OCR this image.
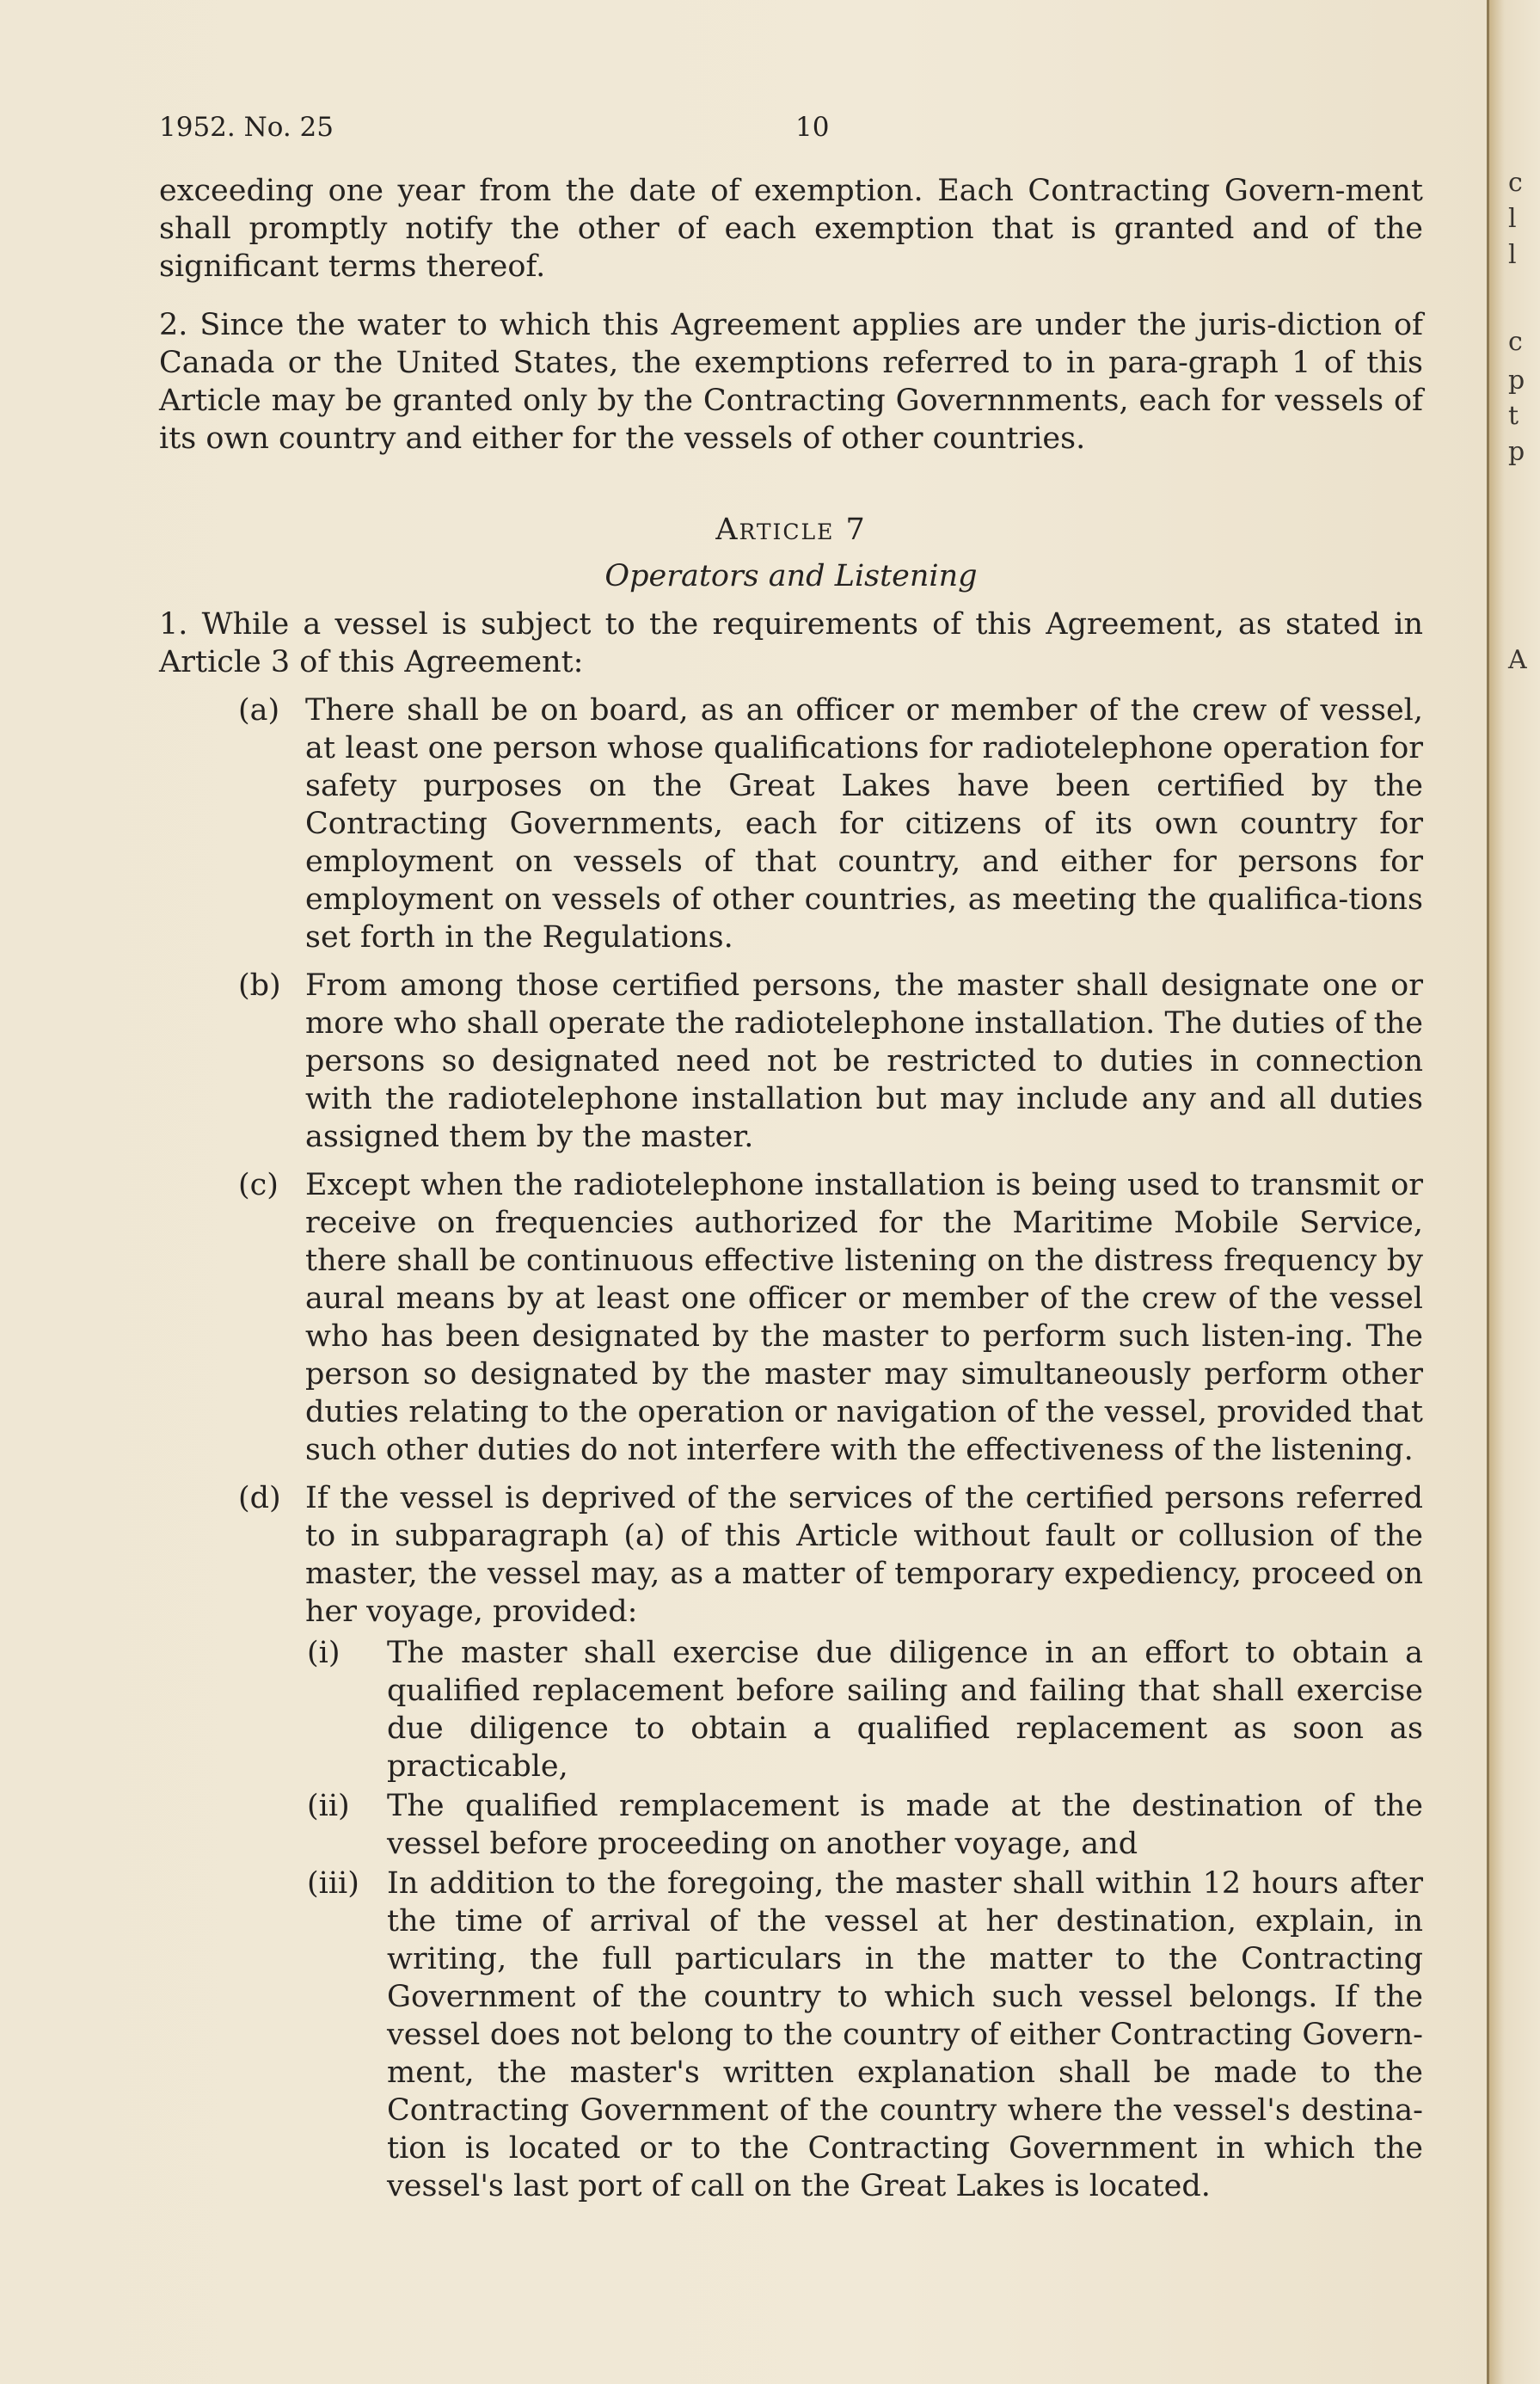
1952. No. 25	10

exceeding one year from the date of exemption. Each Contracting Govern-ment shall promptly notify the other of each exemption that is granted and of the significant terms thereof.

2. Since the water to which this Agreement applies are under the juris-diction of Canada or the United States, the exemptions referred to in para-graph 1 of this Article may be granted only by the Contracting Governnments, each for vessels of its own country and either for the vessels of other countries.

Article 7

Operators and Listening

1. While a vessel is subject to the requirements of this Agreement, as stated in Article 3 of this Agreement:

(a) There shall be on board, as an officer or member of the crew of vessel, at least one person whose qualifications for radiotelephone operation for safety purposes on the Great Lakes have been certified by the Contracting Governments, each for citizens of its own country for employment on vessels of that country, and either for persons for employment on vessels of other countries, as meeting the qualifica-tions set forth in the Regulations.
(b) From among those certified persons, the master shall designate one or more who shall operate the radiotelephone installation. The duties of the persons so designated need not be restricted to duties in connection with the radiotelephone installation but may include any and all duties assigned them by the master.
(c) Except when the radiotelephone installation is being used to transmit or receive on frequencies authorized for the Maritime Mobile Service, there shall be continuous effective listening on the distress frequency by aural means by at least one officer or member of the crew of the vessel who has been designated by the master to perform such listen-ing. The person so designated by the master may simultaneously perform other duties relating to the operation or navigation of the vessel, provided that such other duties do not interfere with the effectiveness of the listening.
(d) If the vessel is deprived of the services of the certified persons referred to in subparagraph (a) of this Article without fault or collusion of the master, the vessel may, as a matter of temporary expediency, proceed on her voyage, provided:
(i) The master shall exercise due diligence in an effort to obtain a qualified replacement before sailing and failing that shall exercise due diligence to obtain a qualified replacement as soon as practicable,
(ii) The qualified remplacement is made at the destination of the vessel before proceeding on another voyage, and
(iii) In addition to the foregoing, the master shall within 12 hours after the time of arrival of the vessel at her destination, explain, in writing, the full particulars in the matter to the Contracting Government of the country to which such vessel belongs. If the vessel does not belong to the country of either Contracting Govern-ment, the master's written explanation shall be made to the Contracting Government of the country where the vessel's destina-tion is located or to the Contracting Government in which the vessel's last port of call on the Great Lakes is located.
c
l
l
c
p
t
p
A
